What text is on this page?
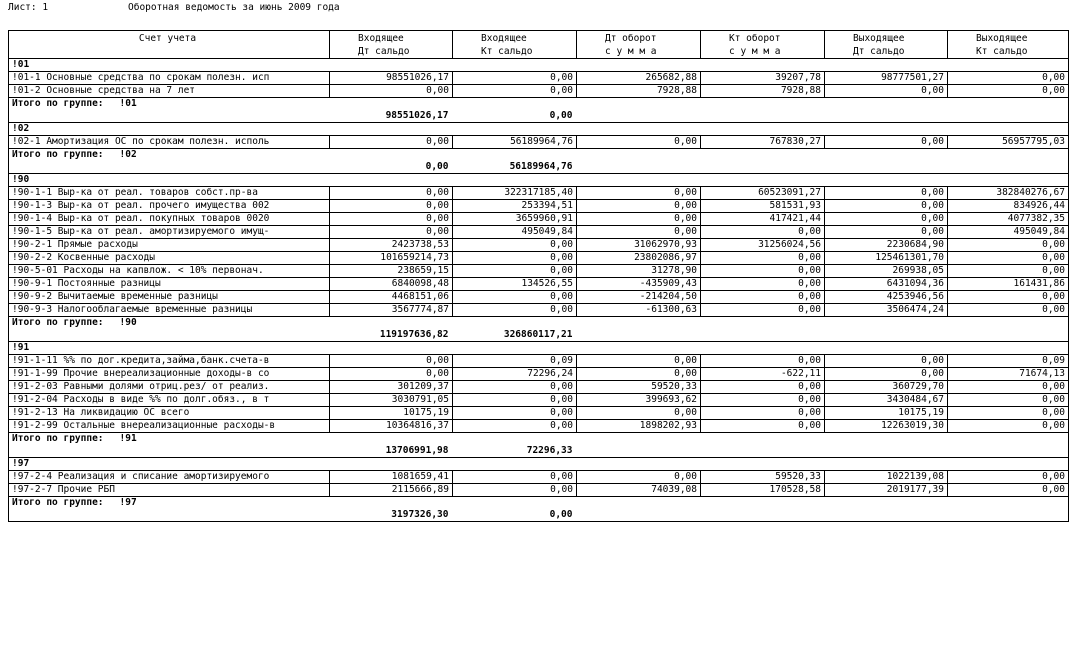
Лист: 1	Оборотная ведомость за июнь 2009 года
Счет учета	Входящее	Входящее	Дт оборот	Кт оборот	Выходящее	Выходящее
	Дт сальдо	Кт сальдо	с у м м а	с у м м а	Дт сальдо	Кт сальдо
!01						
!01-1 Основные средства по срокам полезн. исп	98551026,17	0,00	265682,88	39207,78	98777501,27	0,00
!01-2 Основные средства на 7 лет	0,00	0,00	7928,88	7928,88	0,00	0,00
Итого по группе: !01						
	98551026,17	0,00				
!02						
!02-1 Амортизация ОС по срокам полезн. исполь	0,00	56189964,76	0,00	767830,27	0,00	56957795,03
Итого по группе: !02						
	0,00	56189964,76				
!90						
!90-1-1 Выр-ка от реал. товаров собст.пр-ва	0,00	322317185,40	0,00	60523091,27	0,00	382840276,67
!90-1-3 Выр-ка от реал. прочего имущества 002	0,00	253394,51	0,00	581531,93	0,00	834926,44
!90-1-4 Выр-ка от реал. покупных товаров 0020	0,00	3659960,91	0,00	417421,44	0,00	4077382,35
!90-1-5 Выр-ка от реал. амортизируемого имущ-	0,00	495049,84	0,00	0,00	0,00	495049,84
!90-2-1 Прямые расходы	2423738,53	0,00	31062970,93	31256024,56	2230684,90	0,00
!90-2-2 Косвенные расходы	101659214,73	0,00	23802086,97	0,00	125461301,70	0,00
!90-5-01 Расходы на капвлож. < 10% первонач.	238659,15	0,00	31278,90	0,00	269938,05	0,00
!90-9-1 Постоянные разницы	6840098,48	134526,55	-435909,43	0,00	6431094,36	161431,86
!90-9-2 Вычитаемые временные разницы	4468151,06	0,00	-214204,50	0,00	4253946,56	0,00
!90-9-3 Налогооблагаемые временные разницы	3567774,87	0,00	-61300,63	0,00	3506474,24	0,00
Итого по группе: !90						
	119197636,82	326860117,21				
!91						
!91-1-11 %% по дог.кредита,займа,банк.счета-в	0,00	0,09	0,00	0,00	0,00	0,09
!91-1-99 Прочие внереализационные доходы-в со	0,00	72296,24	0,00	-622,11	0,00	71674,13
!91-2-03 Равными долями отриц.рез/ от реализ.	301209,37	0,00	59520,33	0,00	360729,70	0,00
!91-2-04 Расходы в виде %% по долг.обяз., в т	3030791,05	0,00	399693,62	0,00	3430484,67	0,00
!91-2-13 На ликвидацию ОС всего	10175,19	0,00	0,00	0,00	10175,19	0,00
!91-2-99 Остальные внереализационные расходы-в	10364816,37	0,00	1898202,93	0,00	12263019,30	0,00
Итого по группе: !91						
	13706991,98	72296,33				
!97						
!97-2-4 Реализация и списание амортизируемого	1081659,41	0,00	0,00	59520,33	1022139,08	0,00
!97-2-7 Прочие РБП	2115666,89	0,00	74039,08	170528,58	2019177,39	0,00
Итого по группе: !97						
	3197326,30	0,00				
